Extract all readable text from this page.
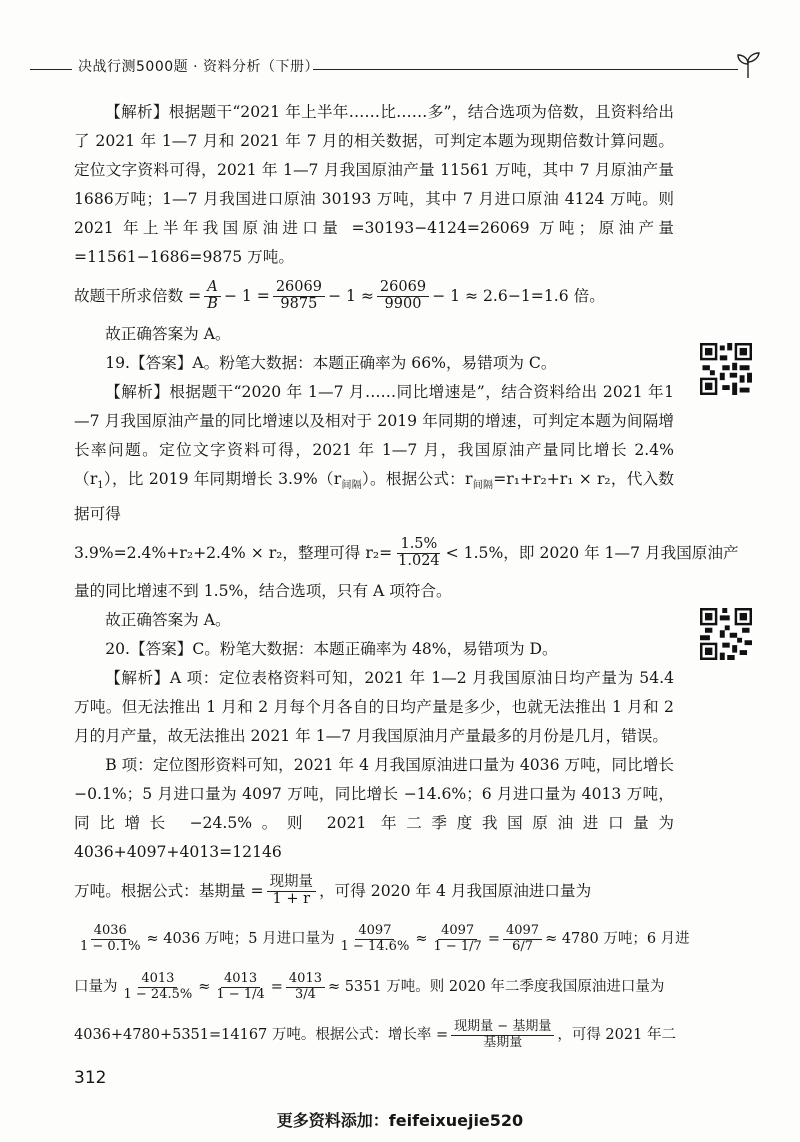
决战行测5000题 · 资料分析（下册）

【解析】根据题干“2021 年上半年……比……多”，结合选项为倍数，且资料给出了 2021 年 1—7 月和 2021 年 7 月的相关数据，可判定本题为现期倍数计算问题。定位文字资料可得，2021 年 1—7 月我国原油产量 11561 万吨，其中 7 月原油产量 1686万吨；1—7 月我国进口原油 30193 万吨，其中 7 月进口原油 4124 万吨。则 2021 年上半年我国原油进口量 =30193−4124=26069 万吨；原油产量 =11561−1686=9875 万吨。

故题干所求倍数 = $\frac{A}{B} - 1 = \frac{26069}{9875} - 1 \approx \frac{26069}{9900} - 1 \approx 2.6-1=1.6$ 倍。

故正确答案为 A。

19.【答案】A。粉笔大数据：本题正确率为 66%，易错项为 C。

【解析】根据题干“2020 年 1—7 月……同比增速是”，结合资料给出 2021 年1—7 月我国原油产量的同比增速以及相对于 2019 年同期的增速，可判定本题为间隔增长率问题。定位文字资料可得，2021 年 1—7 月，我国原油产量同比增长 $2.4\%(r_1)$，比 2019 年同期增长 $3.9\%(r_{间隔})$。根据公式：$r_{间隔}=r_1+r_2+r_1 \times r_2$，代入数据可得

3.9%=2.4%+r₂+2.4% × r₂，整理可得 $r_2= \frac{1.5\%}{1.024} < 1.5\%$，即 2020 年 1—7 月我国原油产

量的同比增速不到 1.5%，结合选项，只有 A 项符合。

故正确答案为 A。

20.【答案】C。粉笔大数据：本题正确率为 48%，易错项为 D。

【解析】A 项：定位表格资料可知，2021 年 1—2 月我国原油日均产量为 54.4 万吨。但无法推出 1 月和 2 月每个月各自的日均产量是多少，也就无法推出 1 月和 2 月的月产量，故无法推出 2021 年 1—7 月我国原油月产量最多的月份是几月，错误。

B 项：定位图形资料可知，2021 年 4 月我国原油进口量为 4036 万吨，同比增长 −0.1%；5 月进口量为 4097 万吨，同比增长 −14.6%；6 月进口量为 4013 万吨，同比增长 −24.5%。则 2021 年二季度我国原油进口量为 4036+4097+4013=12146

万吨。根据公式：基期量 = $\frac{\text{现期量}}{1 + r}$ ，可得 2020 年 4 月我国原油进口量为
$\frac{4036}{1 - 0.1\%} \approx 4036$ 万吨；5 月进口量为 $\frac{4097}{1 - 14.6\%} \approx \frac{4097}{1 - 1/7} = \frac{4097}{6/7} \approx 4780$ 万吨；6 月进
口量为 $\frac{4013}{1 - 24.5\%} \approx \frac{4013}{1 - 1/4} = \frac{4013}{3/4} \approx 5351$ 万吨。则 2020 年二季度我国原油进口量为
4036+4780+5351=14167 万吨。根据公式：增长率 = $\frac{\text{现期量 − 基期量}}{\text{基期量}}$ ，可得 2021 年二
312
更多资料添加：feifeixuejie520
